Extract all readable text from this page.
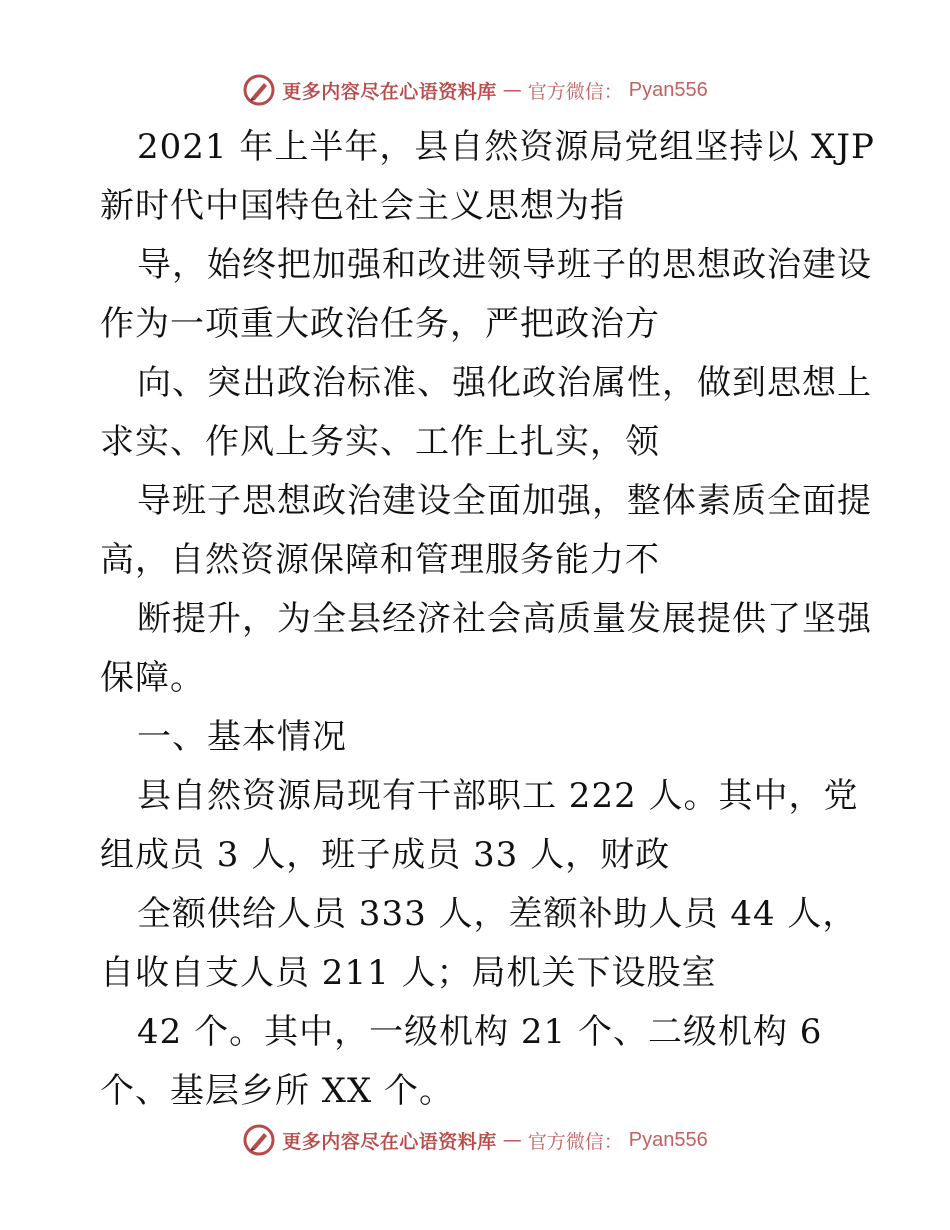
更多内容尽在心语资料库 — 官方微信： Pyan556
2021 年上半年，县自然资源局党组坚持以 XJP
新时代中国特色社会主义思想为指
导，始终把加强和改进领导班子的思想政治建设
作为一项重大政治任务，严把政治方
向、突出政治标准、强化政治属性，做到思想上
求实、作风上务实、工作上扎实，领
导班子思想政治建设全面加强，整体素质全面提
高，自然资源保障和管理服务能力不
断提升，为全县经济社会高质量发展提供了坚强
保障。
一、基本情况
县自然资源局现有干部职工 222 人。其中，党
组成员 3 人，班子成员 33 人，财政
全额供给人员 333 人，差额补助人员 44 人，
自收自支人员 211 人；局机关下设股室
42 个。其中，一级机构 21 个、二级机构 6
个、基层乡所 XX 个。
更多内容尽在心语资料库 — 官方微信： Pyan556
